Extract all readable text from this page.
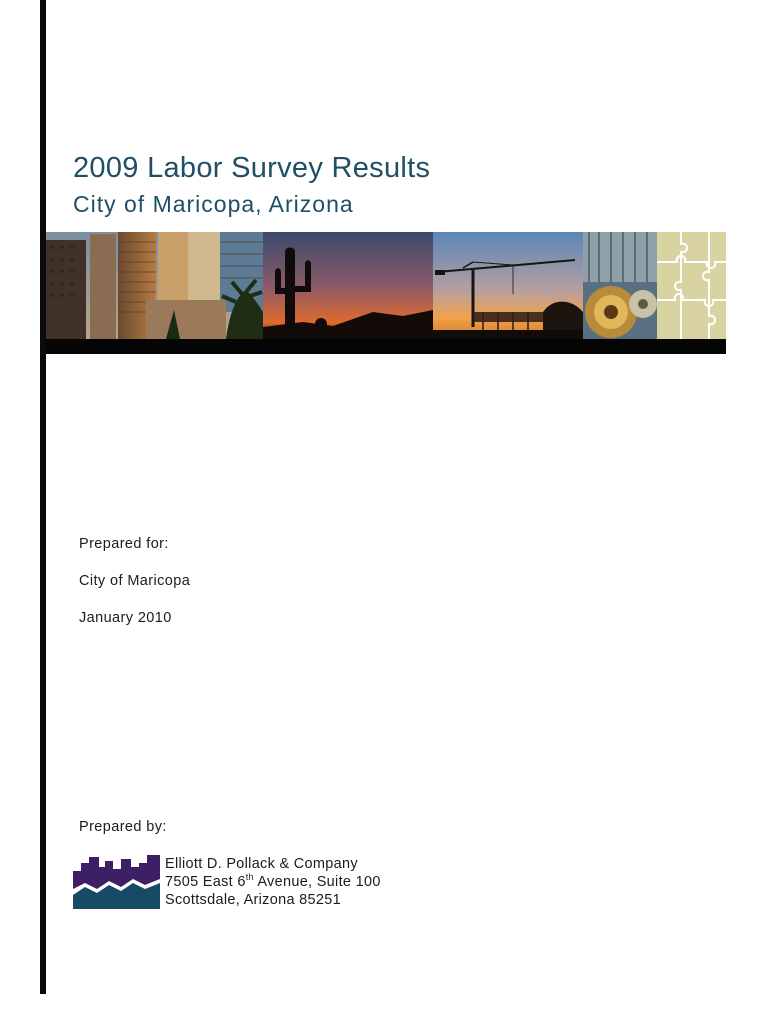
2009 Labor Survey Results
City of Maricopa, Arizona
Prepared for:
City of Maricopa
January 2010
Prepared by:
Elliott D. Pollack & Company
7505 East 6th Avenue, Suite 100
Scottsdale, Arizona 85251
